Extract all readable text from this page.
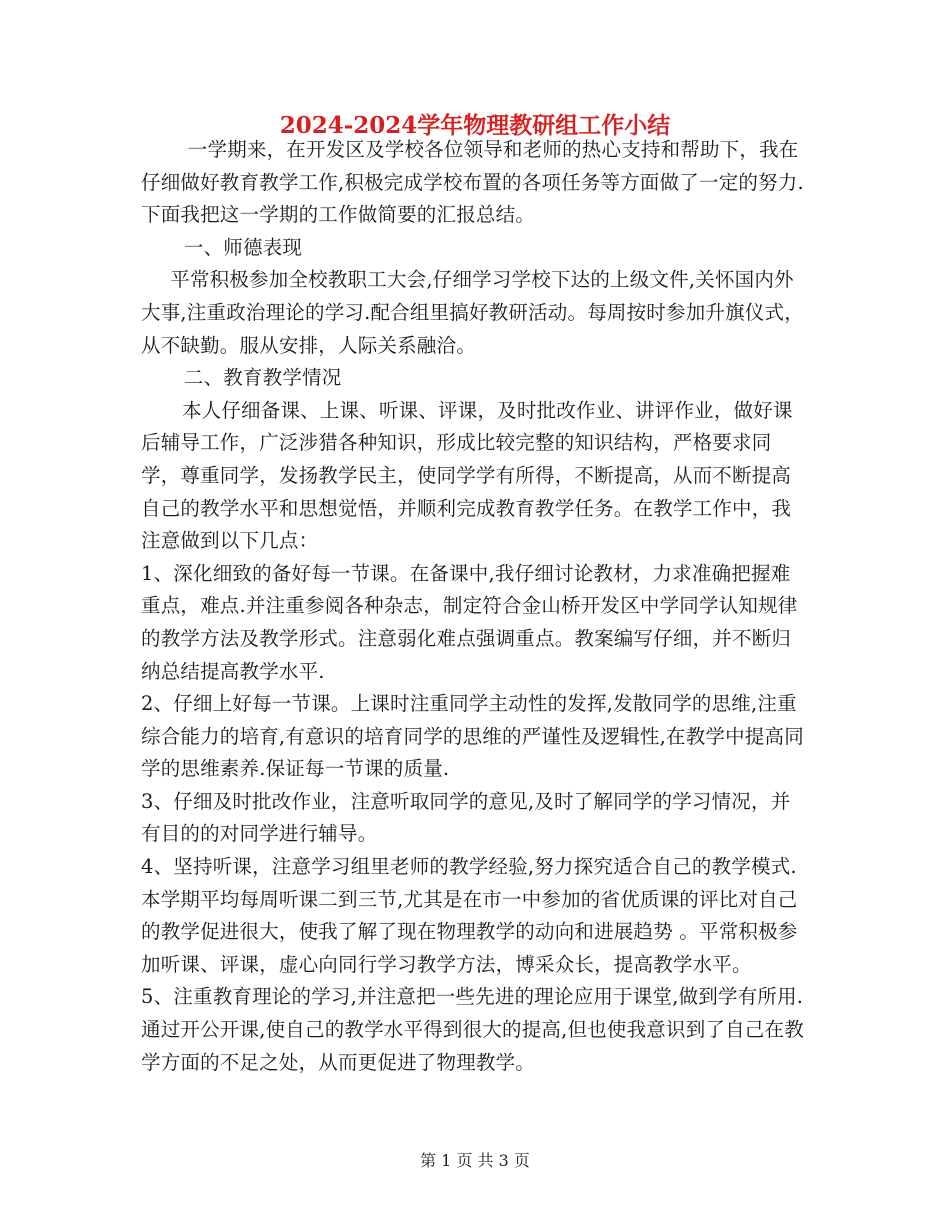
2024-2024学年物理教研组工作小结

一学期来，在开发区及学校各位领导和老师的热心支持和帮助下，我在仔细做好教育教学工作,积极完成学校布置的各项任务等方面做了一定的努力.下面我把这一学期的工作做简要的汇报总结。

一、师德表现

平常积极参加全校教职工大会,仔细学习学校下达的上级文件,关怀国内外大事,注重政治理论的学习.配合组里搞好教研活动。每周按时参加升旗仪式，从不缺勤。服从安排，人际关系融洽。

二、教育教学情况

本人仔细备课、上课、听课、评课，及时批改作业、讲评作业，做好课后辅导工作，广泛涉猎各种知识，形成比较完整的知识结构，严格要求同学，尊重同学，发扬教学民主，使同学学有所得，不断提高，从而不断提高自己的教学水平和思想觉悟，并顺利完成教育教学任务。在教学工作中，我注意做到以下几点：

1、深化细致的备好每一节课。在备课中,我仔细讨论教材，力求准确把握难重点，难点.并注重参阅各种杂志，制定符合金山桥开发区中学同学认知规律的教学方法及教学形式。注意弱化难点强调重点。教案编写仔细，并不断归纳总结提高教学水平.

2、仔细上好每一节课。上课时注重同学主动性的发挥,发散同学的思维,注重综合能力的培育,有意识的培育同学的思维的严谨性及逻辑性,在教学中提高同学的思维素养.保证每一节课的质量.

3、仔细及时批改作业，注意听取同学的意见,及时了解同学的学习情况，并有目的的对同学进行辅导。

4、坚持听课，注意学习组里老师的教学经验,努力探究适合自己的教学模式.本学期平均每周听课二到三节,尤其是在市一中参加的省优质课的评比对自己的教学促进很大，使我了解了现在物理教学的动向和进展趋势 。平常积极参加听课、评课，虚心向同行学习教学方法，博采众长，提高教学水平。

5、注重教育理论的学习,并注意把一些先进的理论应用于课堂,做到学有所用. 通过开公开课,使自己的教学水平得到很大的提高,但也使我意识到了自己在教学方面的不足之处，从而更促进了物理教学。

第 1 页 共 3 页
